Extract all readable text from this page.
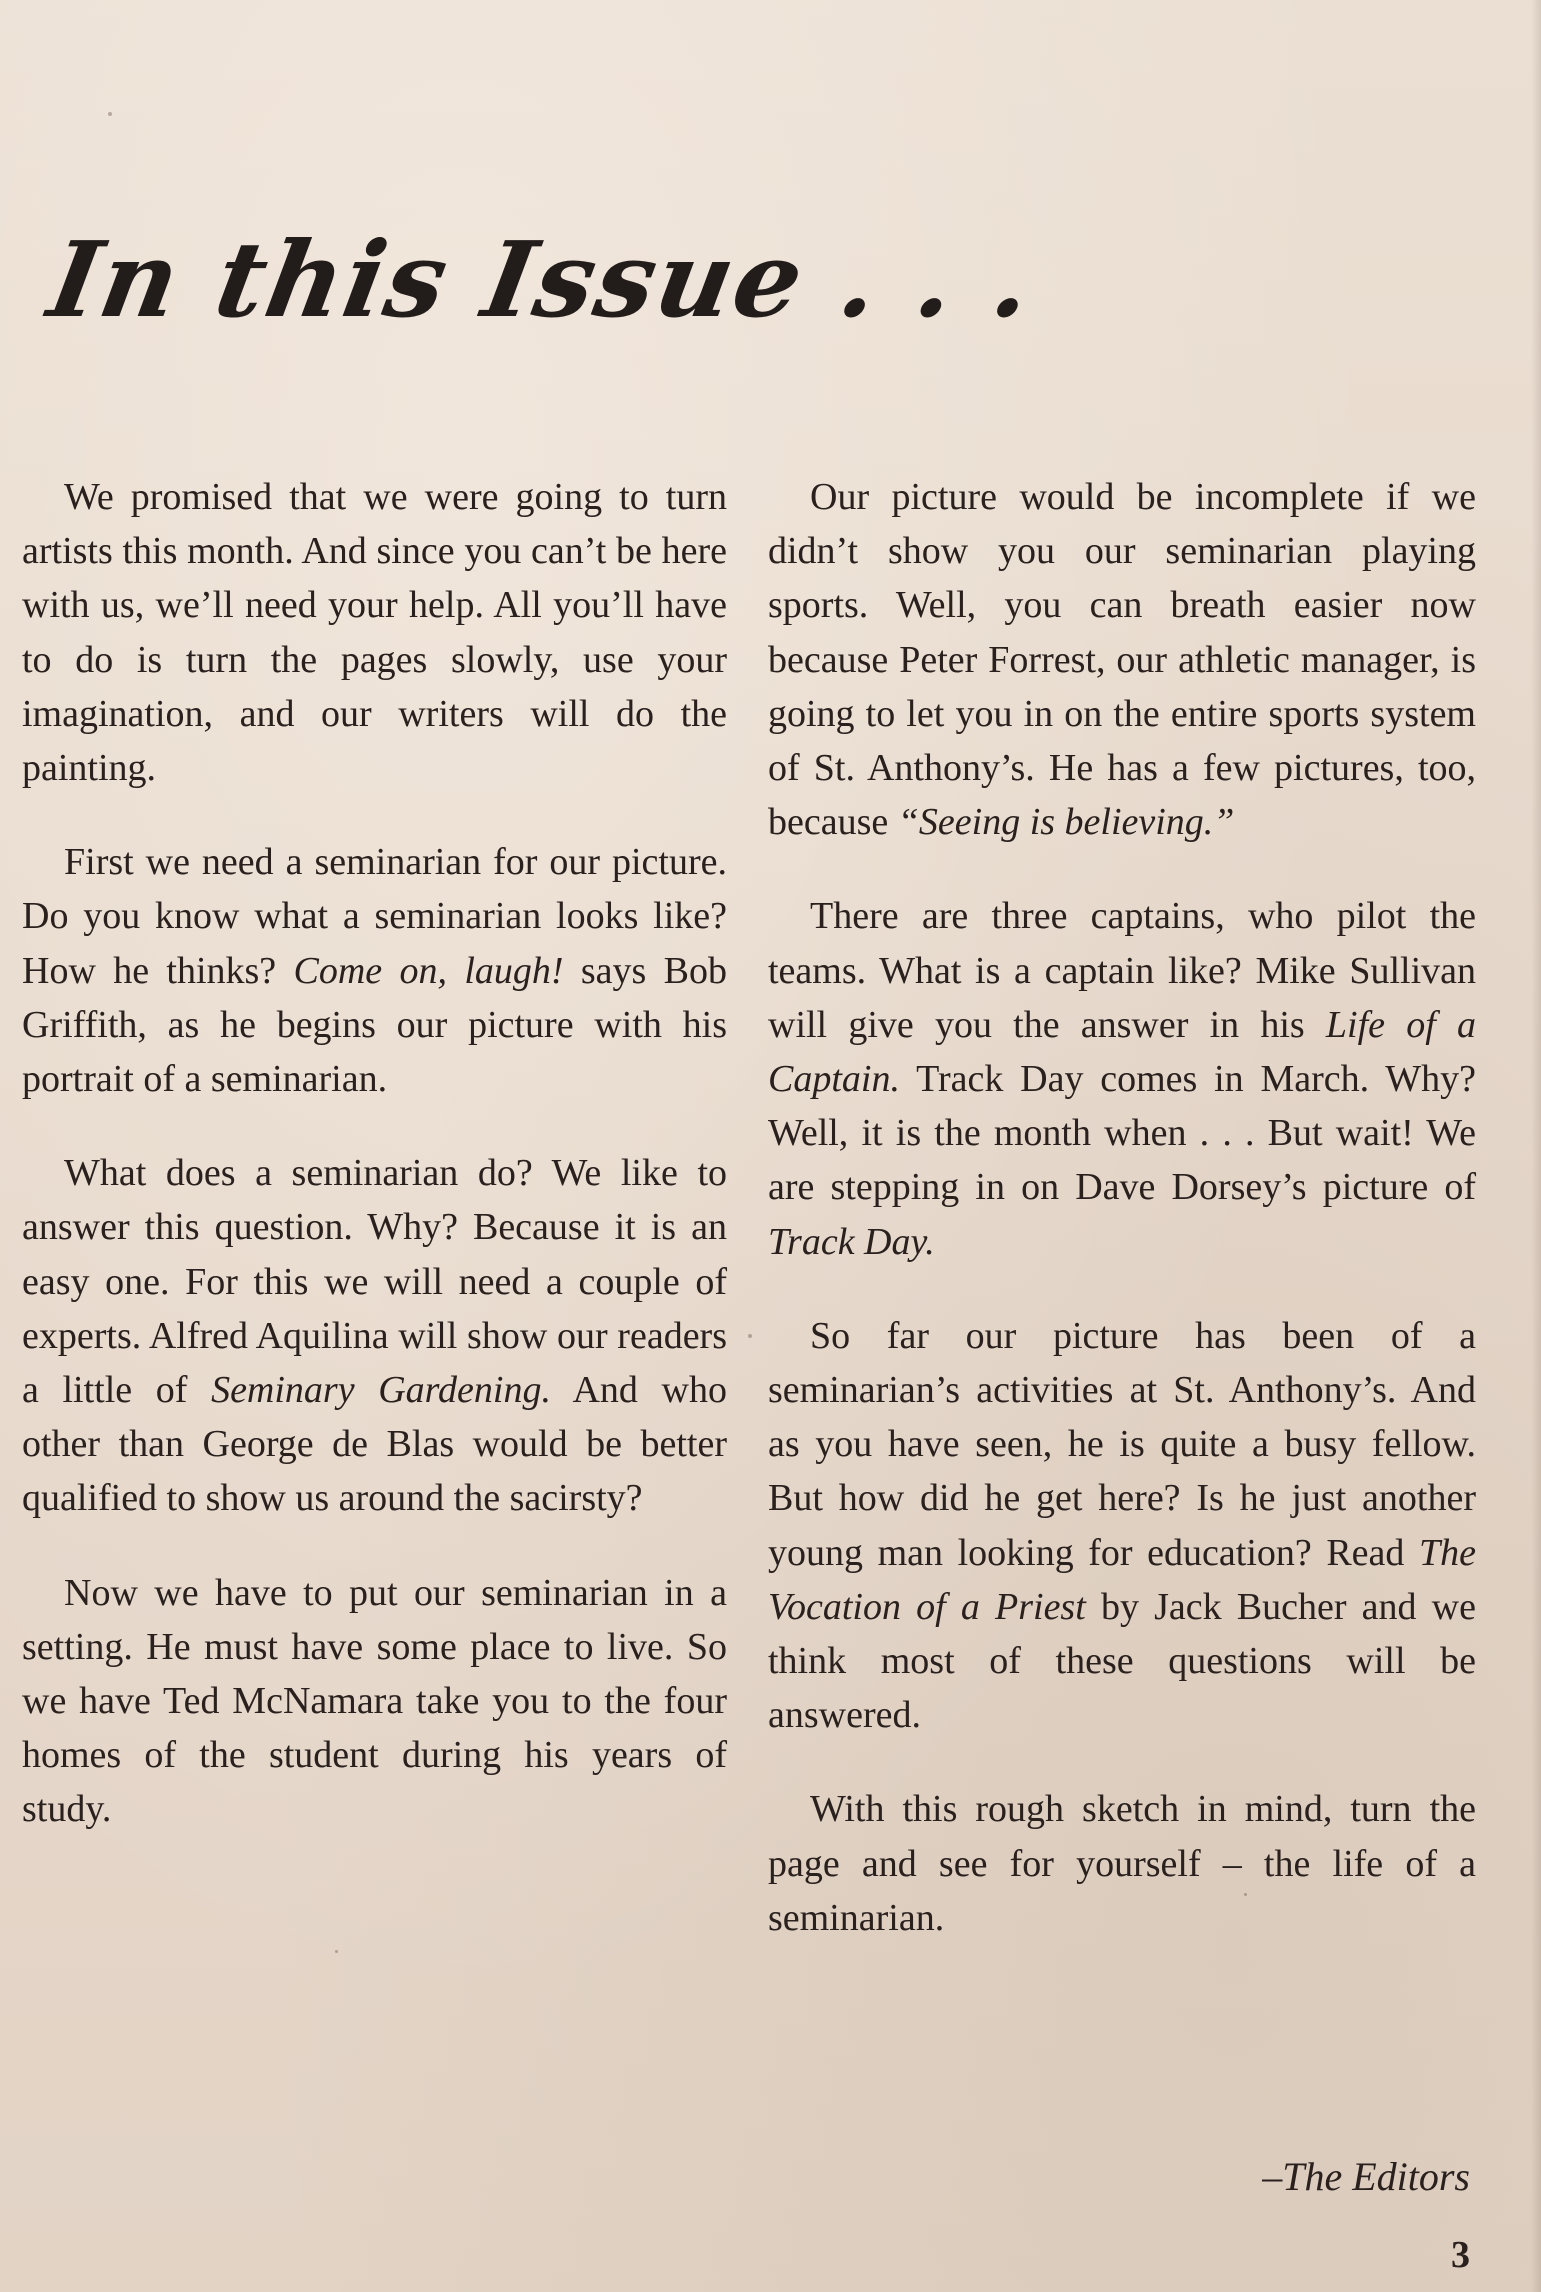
In this Issue . . .

We promised that we were going to turn artists this month. And since you can’t be here with us, we’ll need your help. All you’ll have to do is turn the pages slowly, use your imagination, and our writers will do the painting.

First we need a seminarian for our picture. Do you know what a seminarian looks like? How he thinks? Come on, laugh! says Bob Griffith, as he begins our picture with his portrait of a seminarian.

What does a seminarian do? We like to answer this question. Why? Because it is an easy one. For this we will need a couple of experts. Alfred Aquilina will show our readers a little of Seminary Gardening. And who other than George de Blas would be better qualified to show us around the sacirsty?

Now we have to put our seminarian in a setting. He must have some place to live. So we have Ted McNamara take you to the four homes of the student during his years of study.

Our picture would be incomplete if we didn’t show you our seminarian playing sports. Well, you can breath easier now because Peter Forrest, our athletic manager, is going to let you in on the entire sports system of St. Anthony’s. He has a few pictures, too, because “Seeing is believing.”

There are three captains, who pilot the teams. What is a captain like? Mike Sullivan will give you the answer in his Life of a Captain. Track Day comes in March. Why? Well, it is the month when . . . But wait! We are stepping in on Dave Dorsey’s picture of Track Day.

So far our picture has been of a seminarian’s activities at St. Anthony’s. And as you have seen, he is quite a busy fellow. But how did he get here? Is he just another young man looking for education? Read The Vocation of a Priest by Jack Bucher and we think most of these questions will be answered.

With this rough sketch in mind, turn the page and see for yourself – the life of a seminarian.

–The Editors
3
